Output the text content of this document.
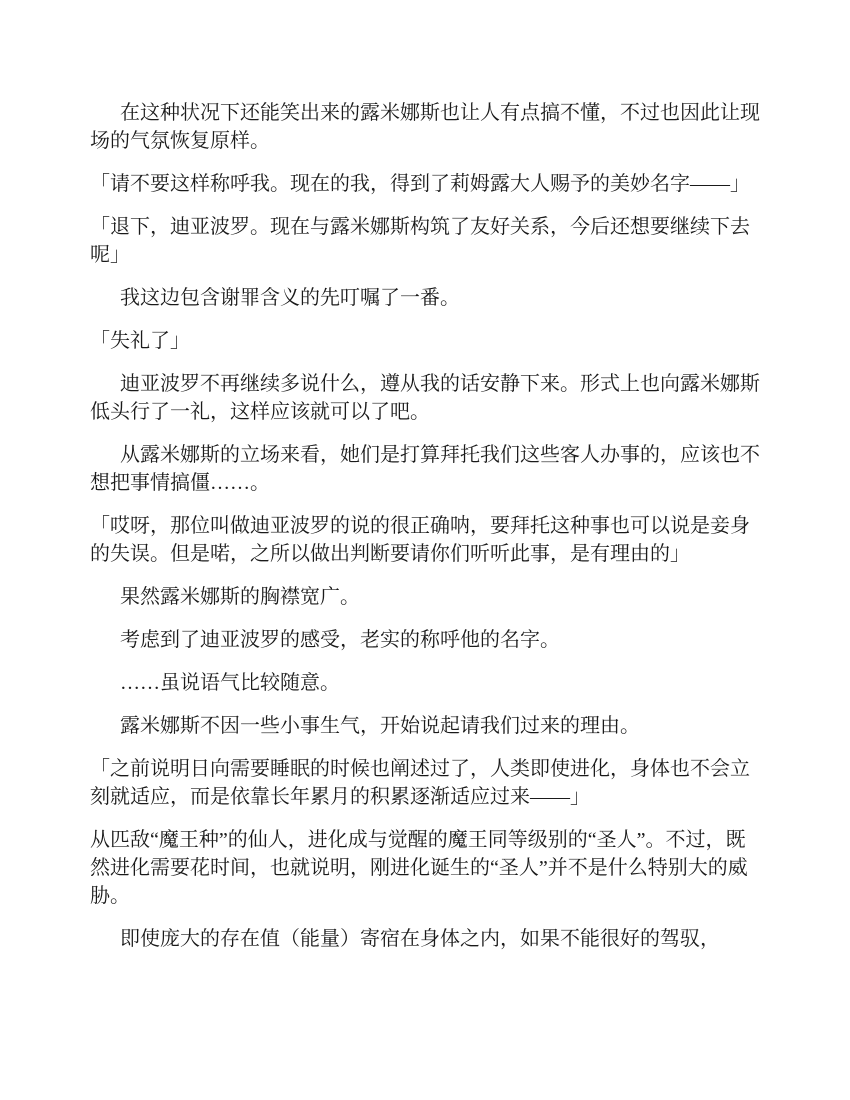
在这种状况下还能笑出来的露米娜斯也让人有点搞不懂，不过也因此让现场的气氛恢复原样。

「请不要这样称呼我。现在的我，得到了莉姆露大人赐予的美妙名字——」

「退下，迪亚波罗。现在与露米娜斯构筑了友好关系，今后还想要继续下去呢」

我这边包含谢罪含义的先叮嘱了一番。

「失礼了」

迪亚波罗不再继续多说什么，遵从我的话安静下来。形式上也向露米娜斯低头行了一礼，这样应该就可以了吧。

从露米娜斯的立场来看，她们是打算拜托我们这些客人办事的，应该也不想把事情搞僵……。

「哎呀，那位叫做迪亚波罗的说的很正确呐，要拜托这种事也可以说是妾身的失误。但是喏，之所以做出判断要请你们听听此事，是有理由的」

果然露米娜斯的胸襟宽广。

考虑到了迪亚波罗的感受，老实的称呼他的名字。

……虽说语气比较随意。

露米娜斯不因一些小事生气，开始说起请我们过来的理由。

「之前说明日向需要睡眠的时候也阐述过了，人类即使进化，身体也不会立刻就适应，而是依靠长年累月的积累逐渐适应过来——」

从匹敌“魔王种”的仙人，进化成与觉醒的魔王同等级别的“圣人”。不过，既然进化需要花时间，也就说明，刚进化诞生的“圣人”并不是什么特别大的威胁。

即使庞大的存在值（能量）寄宿在身体之内，如果不能很好的驾驭，
